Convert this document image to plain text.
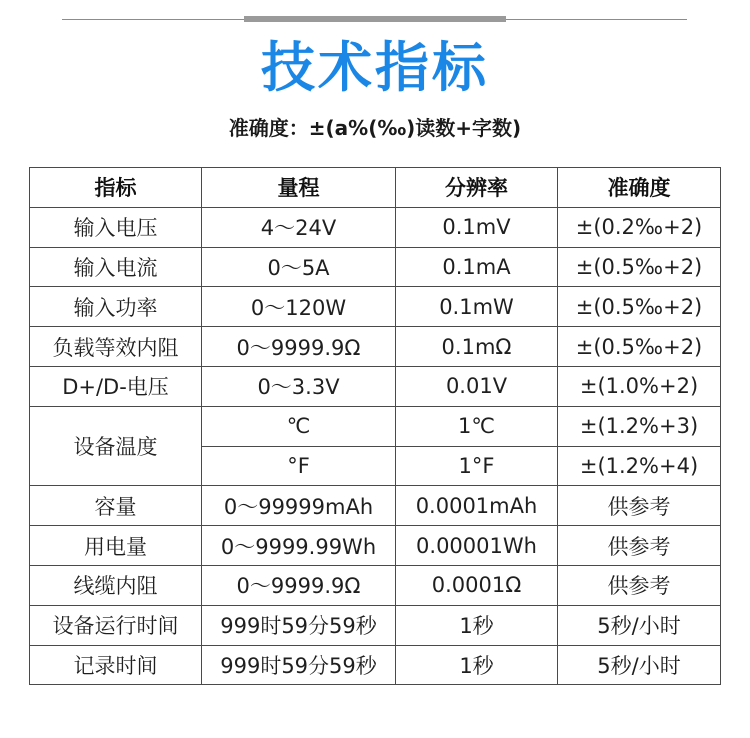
技术指标
准确度：±(a%(‰)读数+字数)
指标	量程	分辨率	准确度
输入电压	4～24V	0.1mV	±(0.2‰+2)
输入电流	0～5A	0.1mA	±(0.5‰+2)
输入功率	0～120W	0.1mW	±(0.5‰+2)
负载等效内阻	0～9999.9Ω	0.1mΩ	±(0.5‰+2)
D+/D-电压	0～3.3V	0.01V	±(1.0%+2)
设备温度	℃	1℃	±(1.2%+3)
	°F	1°F	±(1.2%+4)
容量	0～99999mAh	0.0001mAh	供参考
用电量	0～9999.99Wh	0.00001Wh	供参考
线缆内阻	0～9999.9Ω	0.0001Ω	供参考
设备运行时间	999时59分59秒	1秒	5秒/小时
记录时间	999时59分59秒	1秒	5秒/小时
